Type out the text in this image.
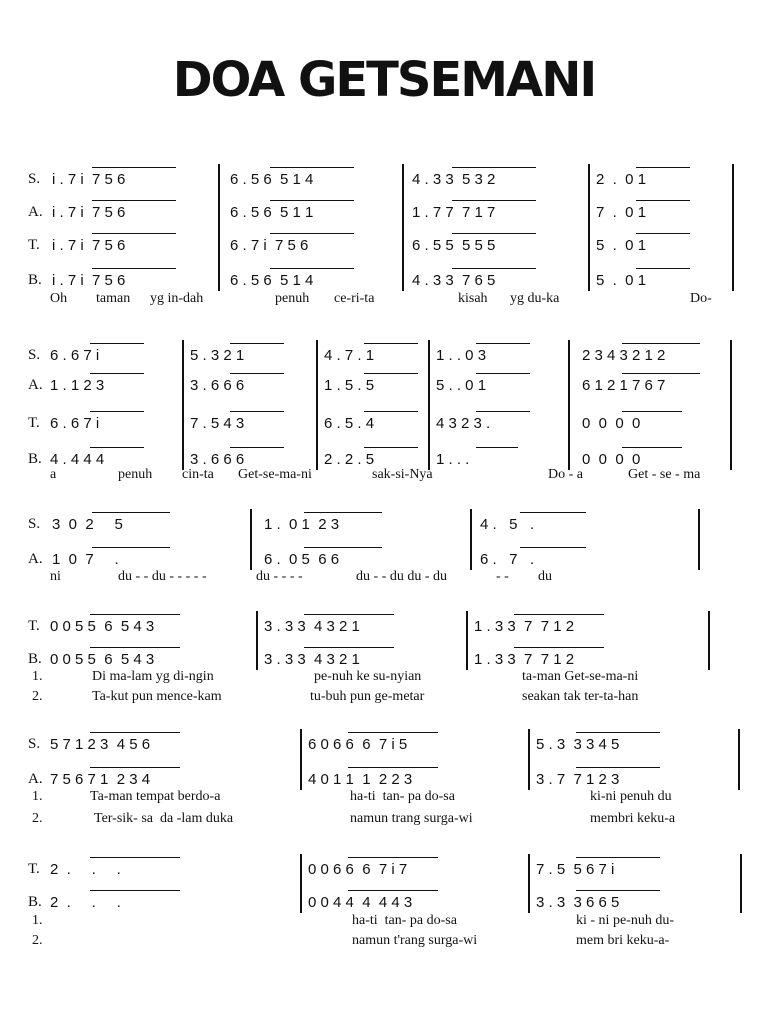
DOA GETSEMANI
S. i . 7 i  7 5 6	6 . 5 6  5 1 4	4 . 3 3  5 3 2	2  .  0 1
A. i . 7 i  7 5 6	6 . 5 6  5 1 1	1 . 7 7  7 1 7	7  .  0 1
T. i . 7 i  7 5 6	6 . 7 i  7 5 6	6 . 5 5  5 5 5	5  .  0 1
B. i . 7 i  7 5 6	6 . 5 6  5 1 4	4 . 3 3  7 6 5	5  .  0 1
Oh taman yg in-dah	penuh ce-ri-ta	kisah yg du-ka	Do-
S. 6 . 6 7 i	5 . 3 2 1	4 . 7 . 1	1 . . 0 3	2 3 4 3 2 1 2
A. 1 . 1 2 3	3 . 6 6 6	1 . 5 . 5	5 . . 0 1	6 1 2 1 7 6 7
T. 6 . 6 7 i	7 . 5 4 3	6 . 5 . 4	4 3 2 3 .	0  0  0  0
B. 4 . 4 4 4	3 . 6 6 6	2 . 2 . 5	1 . . .	0  0  0  0
a	penuh cin-ta Get-se-ma-ni	sak-si-Nya	Do - a	Get - se - ma
S. 3  0  2     5	1 .  0 1  2 3	4 .   5   .
A. 1  0  7     .	6 .  0 5  6 6	6 .   7   .
ni	du - - du - - - - -	du - - - -	du - - du du - du	- - du
T. 0 0 5 5  6  5 4 3	3 . 3 3  4 3 2 1	1 . 3 3  7  7 1 2
B. 0 0 5 5  6  5 4 3	3 . 3 3  4 3 2 1	1 . 3 3  7  7 1 2
1.	Di ma-lam yg di-ngin	pe-nuh ke su-nyian	ta-man Get-se-ma-ni
2.	Ta-kut pun mence-kam	tu-buh pun ge-metar	seakan tak ter-ta-han
S. 5 7 1 2 3  4 5 6	6 0 6 6  6  7 i 5	5 . 3  3 3 4 5
A. 7 5 6 7 1  2 3 4	4 0 1 1  1  2 2 3	3 . 7  7 1 2 3
1.	Ta-man tempat berdo-a	ha-ti  tan- pa do-sa	ki-ni penuh du
2.	Ter-sik- sa  da -lam duka	namun trang surga-wi	membri keku-a
T. 2  .     .     .	0 0 6 6  6  7 i 7	7 . 5  5 6 7 i
B. 2  .     .     .	0 0 4 4  4  4 4 3	3 . 3  3 6 6 5
1.	ha-ti  tan- pa do-sa	ki - ni pe-nuh du-
2.	namun t'rang surga-wi	mem bri keku-a-
